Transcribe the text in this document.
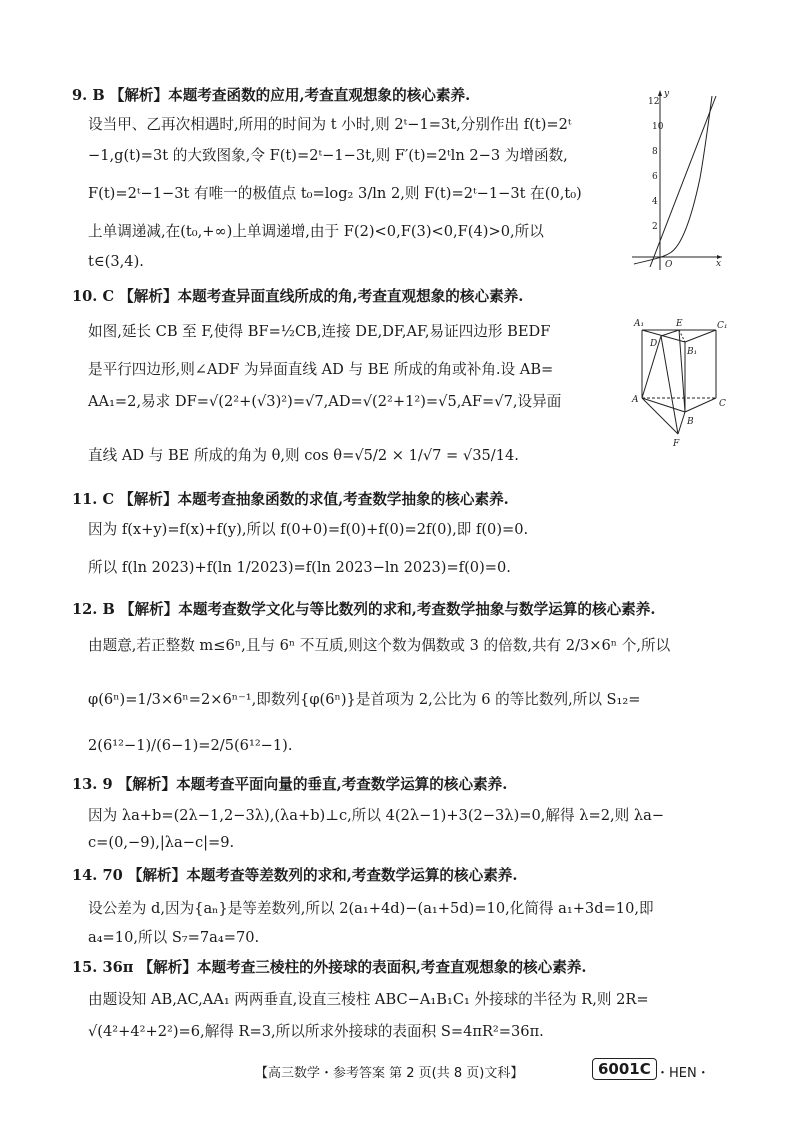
9. B 【解析】本题考查函数的应用,考查直观想象的核心素养.
设当甲、乙再次相遇时,所用的时间为 t 小时,则 2ᵗ−1=3t,分别作出 f(t)=2ᵗ
−1,g(t)=3t 的大致图象,令 F(t)=2ᵗ−1−3t,则 F′(t)=2ᵗln 2−3 为增函数,
F(t)=2ᵗ−1−3t 有唯一的极值点 t₀=log₂ 3/ln 2,则 F(t)=2ᵗ−1−3t 在(0,t₀)
上单调递减,在(t₀,+∞)上单调递增,由于 F(2)<0,F(3)<0,F(4)>0,所以
t∈(3,4).
12
10
8
6
4
2
y
x
O
10. C 【解析】本题考查异面直线所成的角,考查直观想象的核心素养.
如图,延长 CB 至 F,使得 BF=½CB,连接 DE,DF,AF,易证四边形 BEDF
是平行四边形,则∠ADF 为异面直线 AD 与 BE 所成的角或补角.设 AB=
AA₁=2,易求 DF=√(2²+(√3)²)=√7,AD=√(2²+1²)=√5,AF=√7,设异面
直线 AD 与 BE 所成的角为 θ,则 cos θ=√5/2 × 1/√7 = √35/14.
A₁	E	C₁
D
B₁
A	C
B
F
11. C 【解析】本题考查抽象函数的求值,考查数学抽象的核心素养.
因为 f(x+y)=f(x)+f(y),所以 f(0+0)=f(0)+f(0)=2f(0),即 f(0)=0.
所以 f(ln 2023)+f(ln 1/2023)=f(ln 2023−ln 2023)=f(0)=0.
12. B 【解析】本题考查数学文化与等比数列的求和,考查数学抽象与数学运算的核心素养.
由题意,若正整数 m≤6ⁿ,且与 6ⁿ 不互质,则这个数为偶数或 3 的倍数,共有 2/3×6ⁿ 个,所以
φ(6ⁿ)=1/3×6ⁿ=2×6ⁿ⁻¹,即数列{φ(6ⁿ)}是首项为 2,公比为 6 的等比数列,所以 S₁₂=
2(6¹²−1)/(6−1)=2/5(6¹²−1).
13. 9 【解析】本题考查平面向量的垂直,考查数学运算的核心素养.
因为 λa+b=(2λ−1,2−3λ),(λa+b)⊥c,所以 4(2λ−1)+3(2−3λ)=0,解得 λ=2,则 λa−
c=(0,−9),|λa−c|=9.
14. 70 【解析】本题考查等差数列的求和,考查数学运算的核心素养.
设公差为 d,因为{aₙ}是等差数列,所以 2(a₁+4d)−(a₁+5d)=10,化简得 a₁+3d=10,即
a₄=10,所以 S₇=7a₄=70.
15. 36π 【解析】本题考查三棱柱的外接球的表面积,考查直观想象的核心素养.
由题设知 AB,AC,AA₁ 两两垂直,设直三棱柱 ABC−A₁B₁C₁ 外接球的半径为 R,则 2R=
√(4²+4²+2²)=6,解得 R=3,所以所求外接球的表面积 S=4πR²=36π.
【高三数学・参考答案 第 2 页(共 8 页)文科】	6001C ・HEN・
